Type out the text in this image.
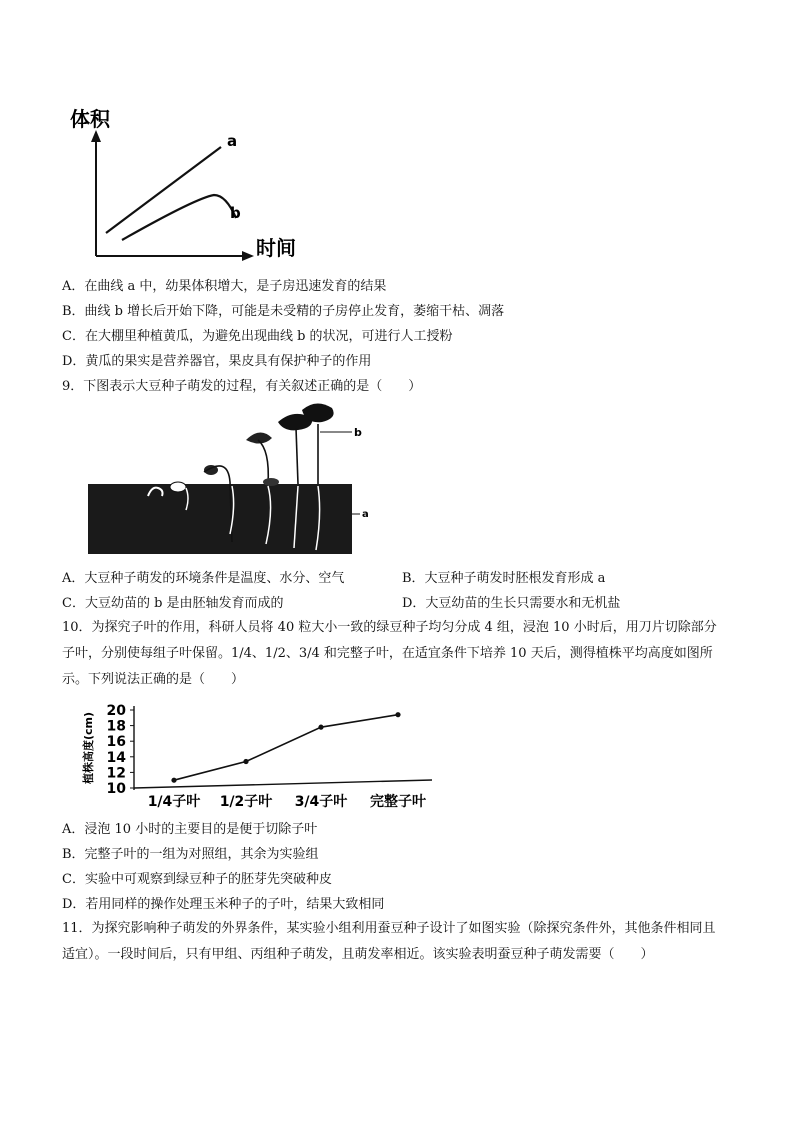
体积
时间
a
b
A．在曲线 a 中，幼果体积增大，是子房迅速发育的结果
B．曲线 b 增长后开始下降，可能是未受精的子房停止发育，萎缩干枯、凋落
C．在大棚里种植黄瓜，为避免出现曲线 b 的状况，可进行人工授粉
D．黄瓜的果实是营养器官，果皮具有保护种子的作用
9．下图表示大豆种子萌发的过程，有关叙述正确的是（　　）
b
a
A．大豆种子萌发的环境条件是温度、水分、空气	B．大豆种子萌发时胚根发育形成 a
C．大豆幼苗的 b 是由胚轴发育而成的	D．大豆幼苗的生长只需要水和无机盐
10．为探究子叶的作用，科研人员将 40 粒大小一致的绿豆种子均匀分成 4 组，浸泡 10 小时后，用刀片切除部分子叶，分别使每组子叶保留。1/4、1/2、3/4 和完整子叶，在适宜条件下培养 10 天后，测得植株平均高度如图所示。下列说法正确的是（　　）
10
12
14
16
18
20
植株高度(cm)
1/4子叶 1/2子叶 3/4子叶 完整子叶
A．浸泡 10 小时的主要目的是便于切除子叶
B．完整子叶的一组为对照组，其余为实验组
C．实验中可观察到绿豆种子的胚芽先突破种皮
D．若用同样的操作处理玉米种子的子叶，结果大致相同
11．为探究影响种子萌发的外界条件，某实验小组利用蚕豆种子设计了如图实验（除探究条件外，其他条件相同且适宜）。一段时间后，只有甲组、丙组种子萌发，且萌发率相近。该实验表明蚕豆种子萌发需要（　　）
